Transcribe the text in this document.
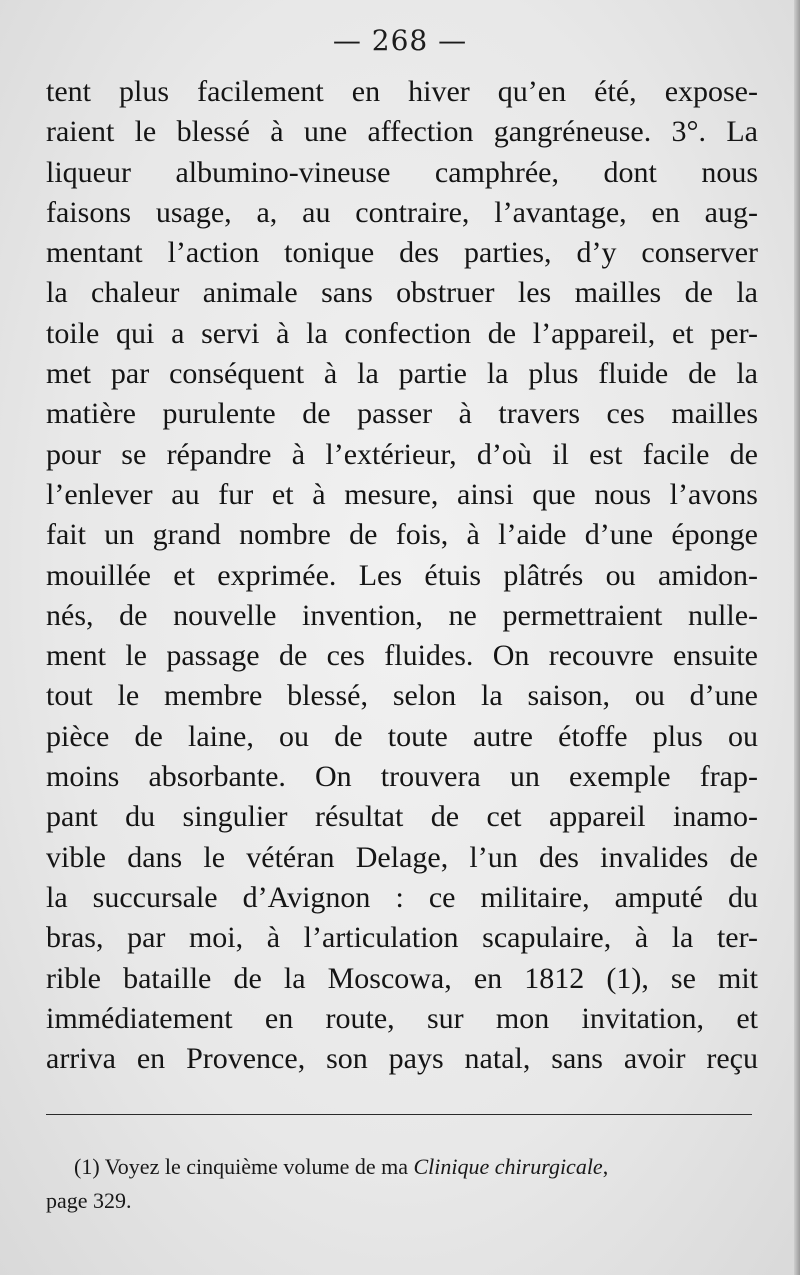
— 268 —
tent plus facilement en hiver qu’en été, expose-
raient le blessé à une affection gangréneuse. 3°. La
liqueur albumino-vineuse camphrée, dont nous
faisons usage, a, au contraire, l’avantage, en aug-
mentant l’action tonique des parties, d’y conserver
la chaleur animale sans obstruer les mailles de la
toile qui a servi à la confection de l’appareil, et per-
met par conséquent à la partie la plus fluide de la
matière purulente de passer à travers ces mailles
pour se répandre à l’extérieur, d’où il est facile de
l’enlever au fur et à mesure, ainsi que nous l’avons
fait un grand nombre de fois, à l’aide d’une éponge
mouillée et exprimée. Les étuis plâtrés ou amidon-
nés, de nouvelle invention, ne permettraient nulle-
ment le passage de ces fluides. On recouvre ensuite
tout le membre blessé, selon la saison, ou d’une
pièce de laine, ou de toute autre étoffe plus ou
moins absorbante. On trouvera un exemple frap-
pant du singulier résultat de cet appareil inamo-
vible dans le vétéran Delage, l’un des invalides de
la succursale d’Avignon : ce militaire, amputé du
bras, par moi, à l’articulation scapulaire, à la ter-
rible bataille de la Moscowa, en 1812 (1), se mit
immédiatement en route, sur mon invitation, et
arriva en Provence, son pays natal, sans avoir reçu
(1) Voyez le cinquième volume de ma Clinique chirurgicale,
page 329.
